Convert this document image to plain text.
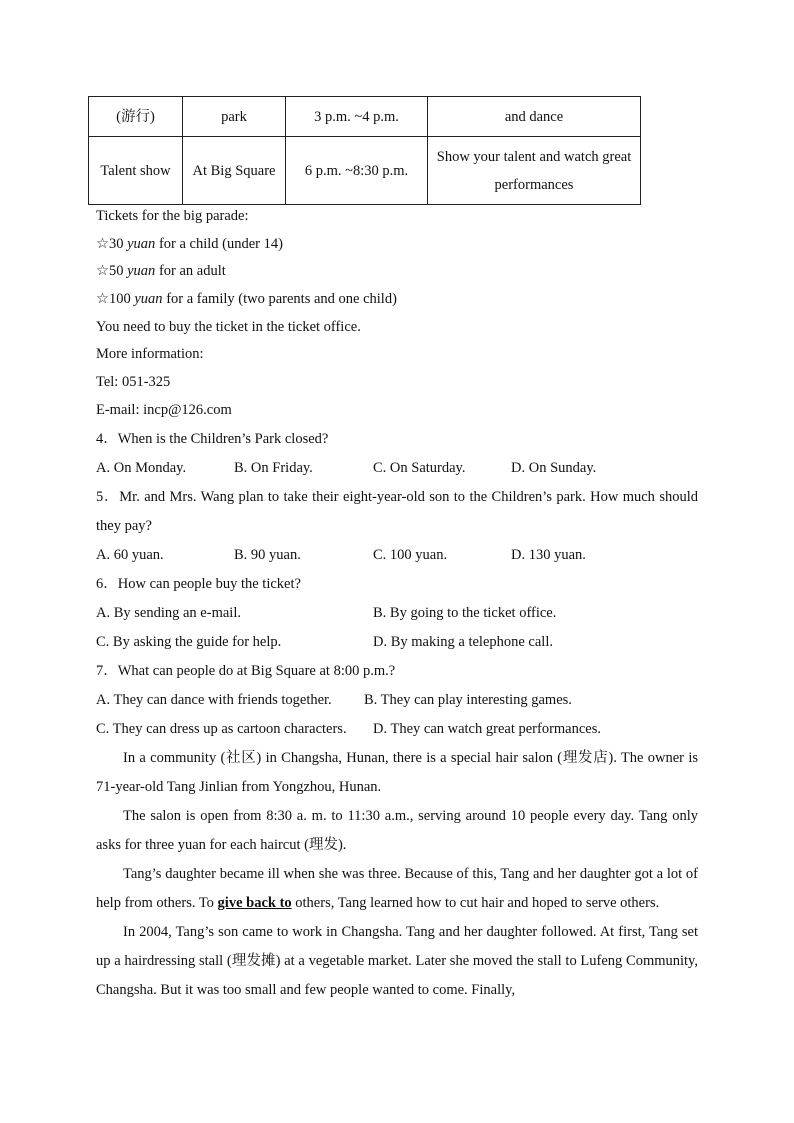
(游行)	park	3 p.m. ~4 p.m.	and dance
Talent show	At Big Square	6 p.m. ~8:30 p.m.	Show your talent and watch great performances
Tickets for the big parade:
☆30 yuan for a child (under 14)
☆50 yuan for an adult
☆100 yuan for a family (two parents and one child)
You need to buy the ticket in the ticket office.
More information:
Tel: 051-325
E-mail: incp@126.com
4．When is the Children’s Park closed?
A. On Monday.	B. On Friday.	C. On Saturday.	D. On Sunday.
5．Mr. and Mrs. Wang plan to take their eight-year-old son to the Children’s park. How much should they pay?
A. 60 yuan.	B. 90 yuan.	C. 100 yuan.	D. 130 yuan.
6．How can people buy the ticket?
A. By sending an e-mail.	B. By going to the ticket office.
C. By asking the guide for help.	D. By making a telephone call.
7．What can people do at Big Square at 8:00 p.m.?
A. They can dance with friends together.	B. They can play interesting games.
C. They can dress up as cartoon characters.	D. They can watch great performances.
In a community (社区) in Changsha, Hunan, there is a special hair salon (理发店). The owner is 71-year-old Tang Jinlian from Yongzhou, Hunan.
The salon is open from 8:30 a. m. to 11:30 a.m., serving around 10 people every day. Tang only asks for three yuan for each haircut (理发).
Tang’s daughter became ill when she was three. Because of this, Tang and her daughter got a lot of help from others. To give back to others, Tang learned how to cut hair and hoped to serve others.
In 2004, Tang’s son came to work in Changsha. Tang and her daughter followed. At first, Tang set up a hairdressing stall (理发摊) at a vegetable market. Later she moved the stall to Lufeng Community, Changsha. But it was too small and few people wanted to come. Finally,
